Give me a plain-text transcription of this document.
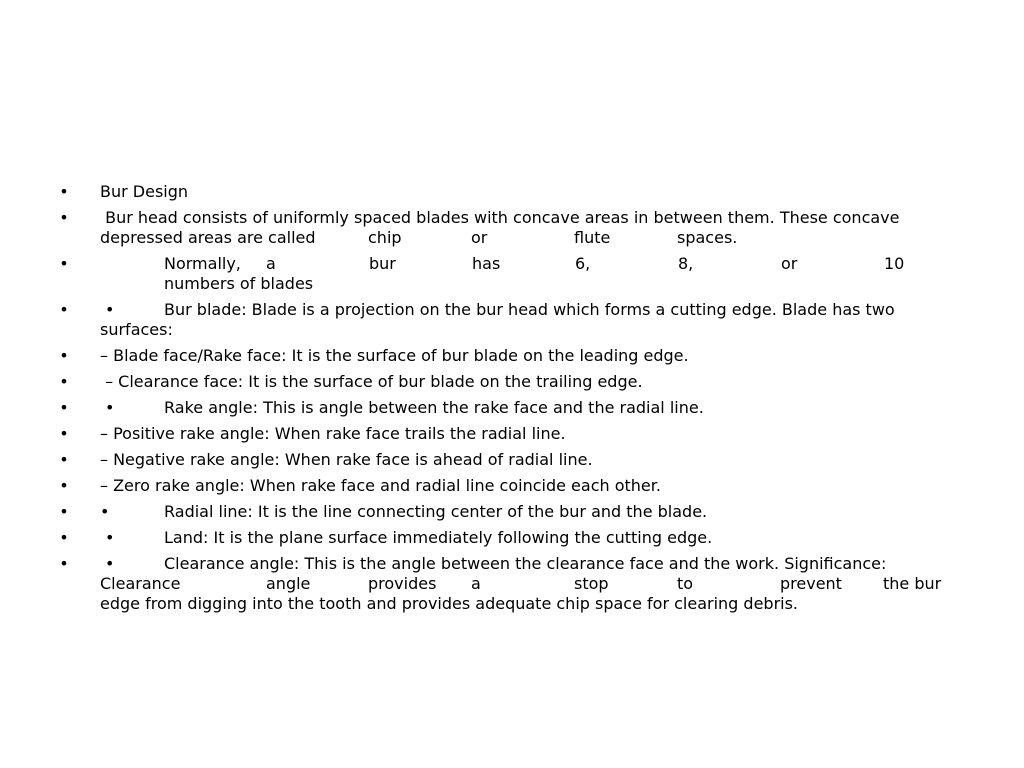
• Bur Design
•	Bur head consists of uniformly spaced blades with concave areas in between them. These concave
depressed areas are called	chip	or	flute	spaces.
•	Normally, a	bur	has	6,	8,	or	10
numbers of blades
•	•	Bur blade: Blade is a projection on the bur head which forms a cutting edge. Blade has two
surfaces:
• – Blade face/Rake face: It is the surface of bur blade on the leading edge.
• – Clearance face: It is the surface of bur blade on the trailing edge.
•	•	Rake angle: This is angle between the rake face and the radial line.
• – Positive rake angle: When rake face trails the radial line.
• – Negative rake angle: When rake face is ahead of radial line.
• – Zero rake angle: When rake face and radial line coincide each other.
• •	Radial line: It is the line connecting center of the bur and the blade.
•	•	Land: It is the plane surface immediately following the cutting edge.
•	•	Clearance angle: This is the angle between the clearance face and the work. Significance:
Clearance	angle	provides a	stop	to	prevent	the bur
edge from digging into the tooth and provides adequate chip space for clearing debris.
